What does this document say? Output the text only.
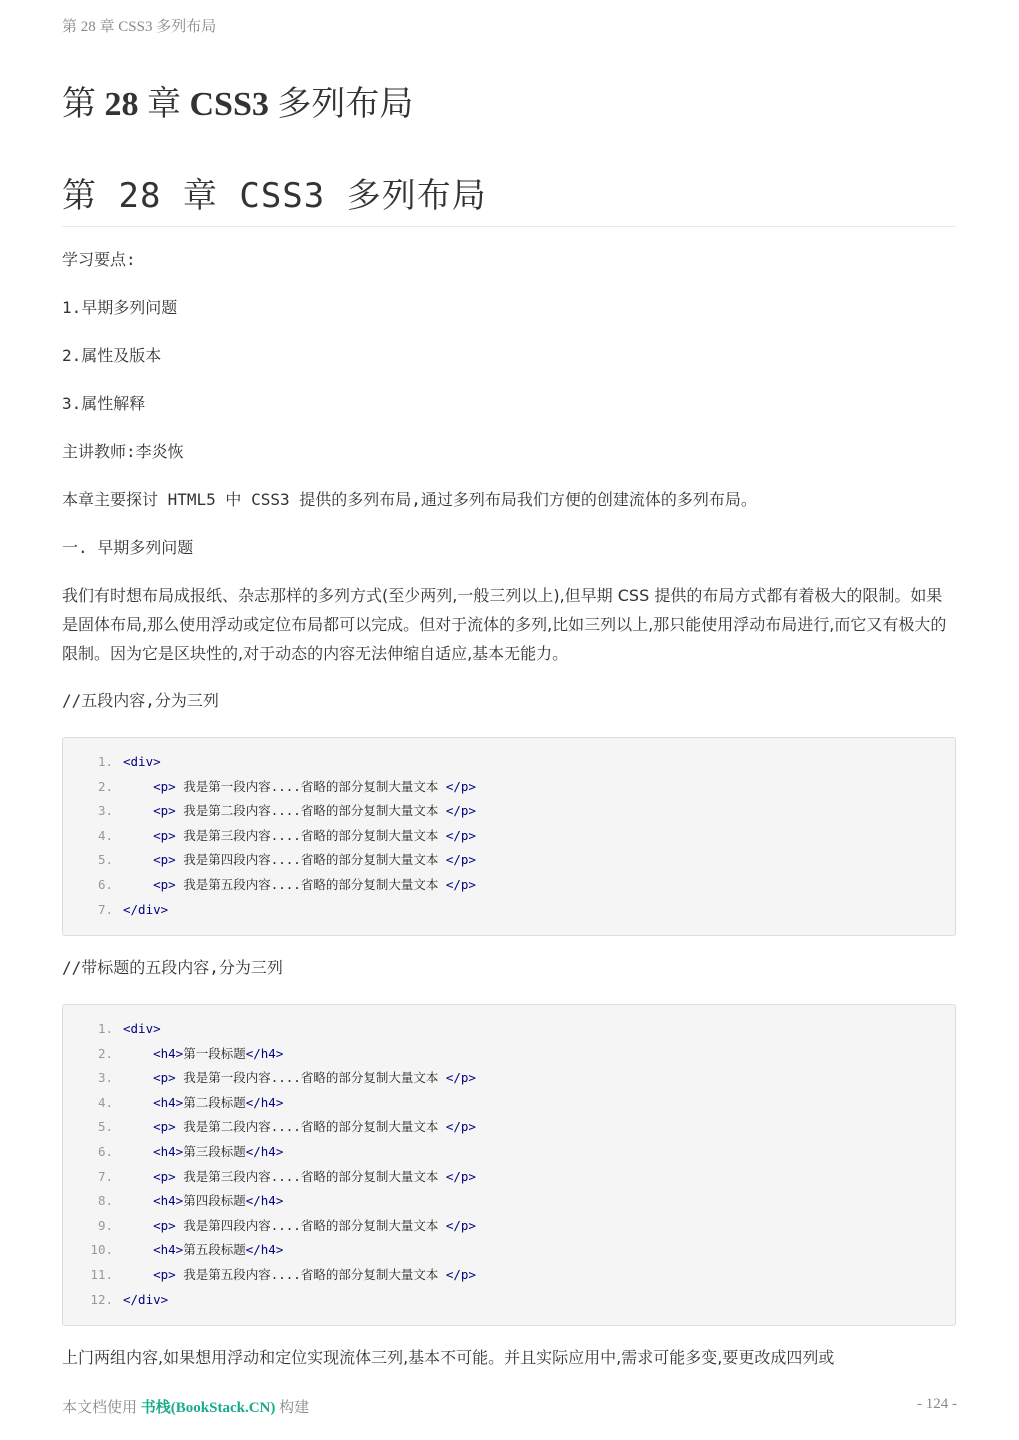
第 28 章 CSS3 多列布局
第 28 章 CSS3 多列布局
第 28 章 CSS3 多列布局

学习要点:

1.早期多列问题

2.属性及版本

3.属性解释

主讲教师:李炎恢

本章主要探讨 HTML5 中 CSS3 提供的多列布局,通过多列布局我们方便的创建流体的多列布局。

一. 早期多列问题

我们有时想布局成报纸、杂志那样的多列方式(至少两列,一般三列以上),但早期 CSS 提供的布局方式都有着极大的限制。如果是固体布局,那么使用浮动或定位布局都可以完成。但对于流体的多列,比如三列以上,那只能使用浮动布局进行,而它又有极大的限制。因为它是区块性的,对于动态的内容无法伸缩自适应,基本无能力。

//五段内容,分为三列

1. <div>
2.	<p> 我是第一段内容....省略的部分复制大量文本 </p>
3.	<p> 我是第二段内容....省略的部分复制大量文本 </p>
4.	<p> 我是第三段内容....省略的部分复制大量文本 </p>
5.	<p> 我是第四段内容....省略的部分复制大量文本 </p>
6.	<p> 我是第五段内容....省略的部分复制大量文本 </p>
7. </div>

//带标题的五段内容,分为三列

1. <div>
2.	<h4>第一段标题</h4>
3.	<p> 我是第一段内容....省略的部分复制大量文本 </p>
4.	<h4>第二段标题</h4>
5.	<p> 我是第二段内容....省略的部分复制大量文本 </p>
6.	<h4>第三段标题</h4>
7.	<p> 我是第三段内容....省略的部分复制大量文本 </p>
8.	<h4>第四段标题</h4>
9.	<p> 我是第四段内容....省略的部分复制大量文本 </p>
10.	<h4>第五段标题</h4>
11.	<p> 我是第五段内容....省略的部分复制大量文本 </p>
12. </div>

上门两组内容,如果想用浮动和定位实现流体三列,基本不可能。并且实际应用中,需求可能多变,要更改成四列或

本文档使用 书栈(BookStack.CN) 构建	- 124 -
